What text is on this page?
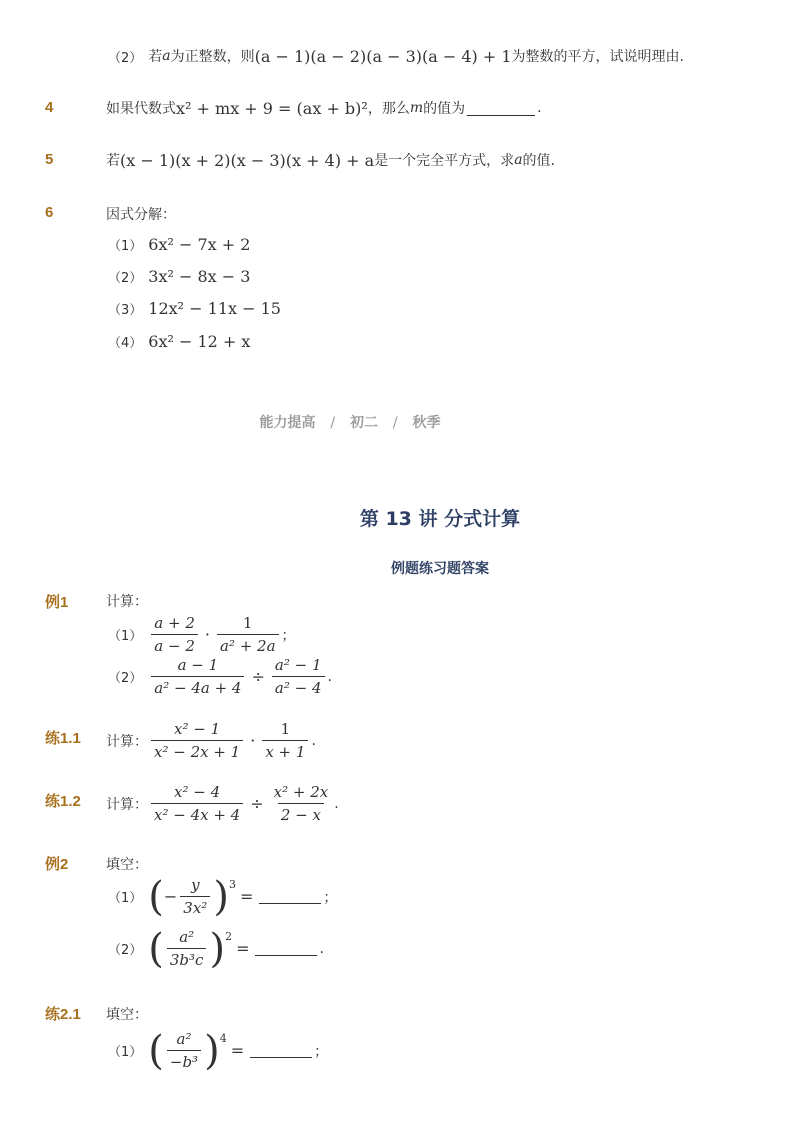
（2） 若 a 为正整数，则 (a − 1)(a − 2)(a − 3)(a − 4) + 1 为整数的平方，试说明理由.
4	如果代数式 x² + mx + 9 = (ax + b)² ，那么 m 的值为	.
5	若 (x − 1)(x + 2)(x − 3)(x + 4) + a 是一个完全平方式，求 a 的值.
6	因式分解：
（1） 6x² − 7x + 2
（2） 3x² − 8x − 3
（3） 12x² − 11x − 15
（4） 6x² − 12 + x
能力提高 / 初二 / 秋季
第 13 讲 分式计算
例题练习题答案
例1	计算：
$(1) \frac{a + 2}{a - 2} \cdot \frac{1}{\text{a² + 2a}}$ ；
$(2) \frac{a - 1}{\text{a² − 4a + 4}} \div \frac{\text{a² − 1}}{\text{a² − 4}}$ .
练1.1 计算： $\frac{\text{x² − 1}}{\text{x² − 2x + 1}} \cdot \frac{1}{x + 1}$ .
练1.2 计算： $\frac{\text{x² − 4}}{\text{x² − 4x + 4}} \div \frac{\text{x² + 2x}}{2 - x}$ .
例2	填空：
（1） ( − $\frac{y}{\text{3x²}}$ ) 3
=	；
（2） ( $\frac{\text{a²}}{\text{3b³c}}$ ) 2
=	.
练2.1 填空：
（1） ( $\frac{\text{a²}}{\text{−b³}}$ ) 4
=	；
